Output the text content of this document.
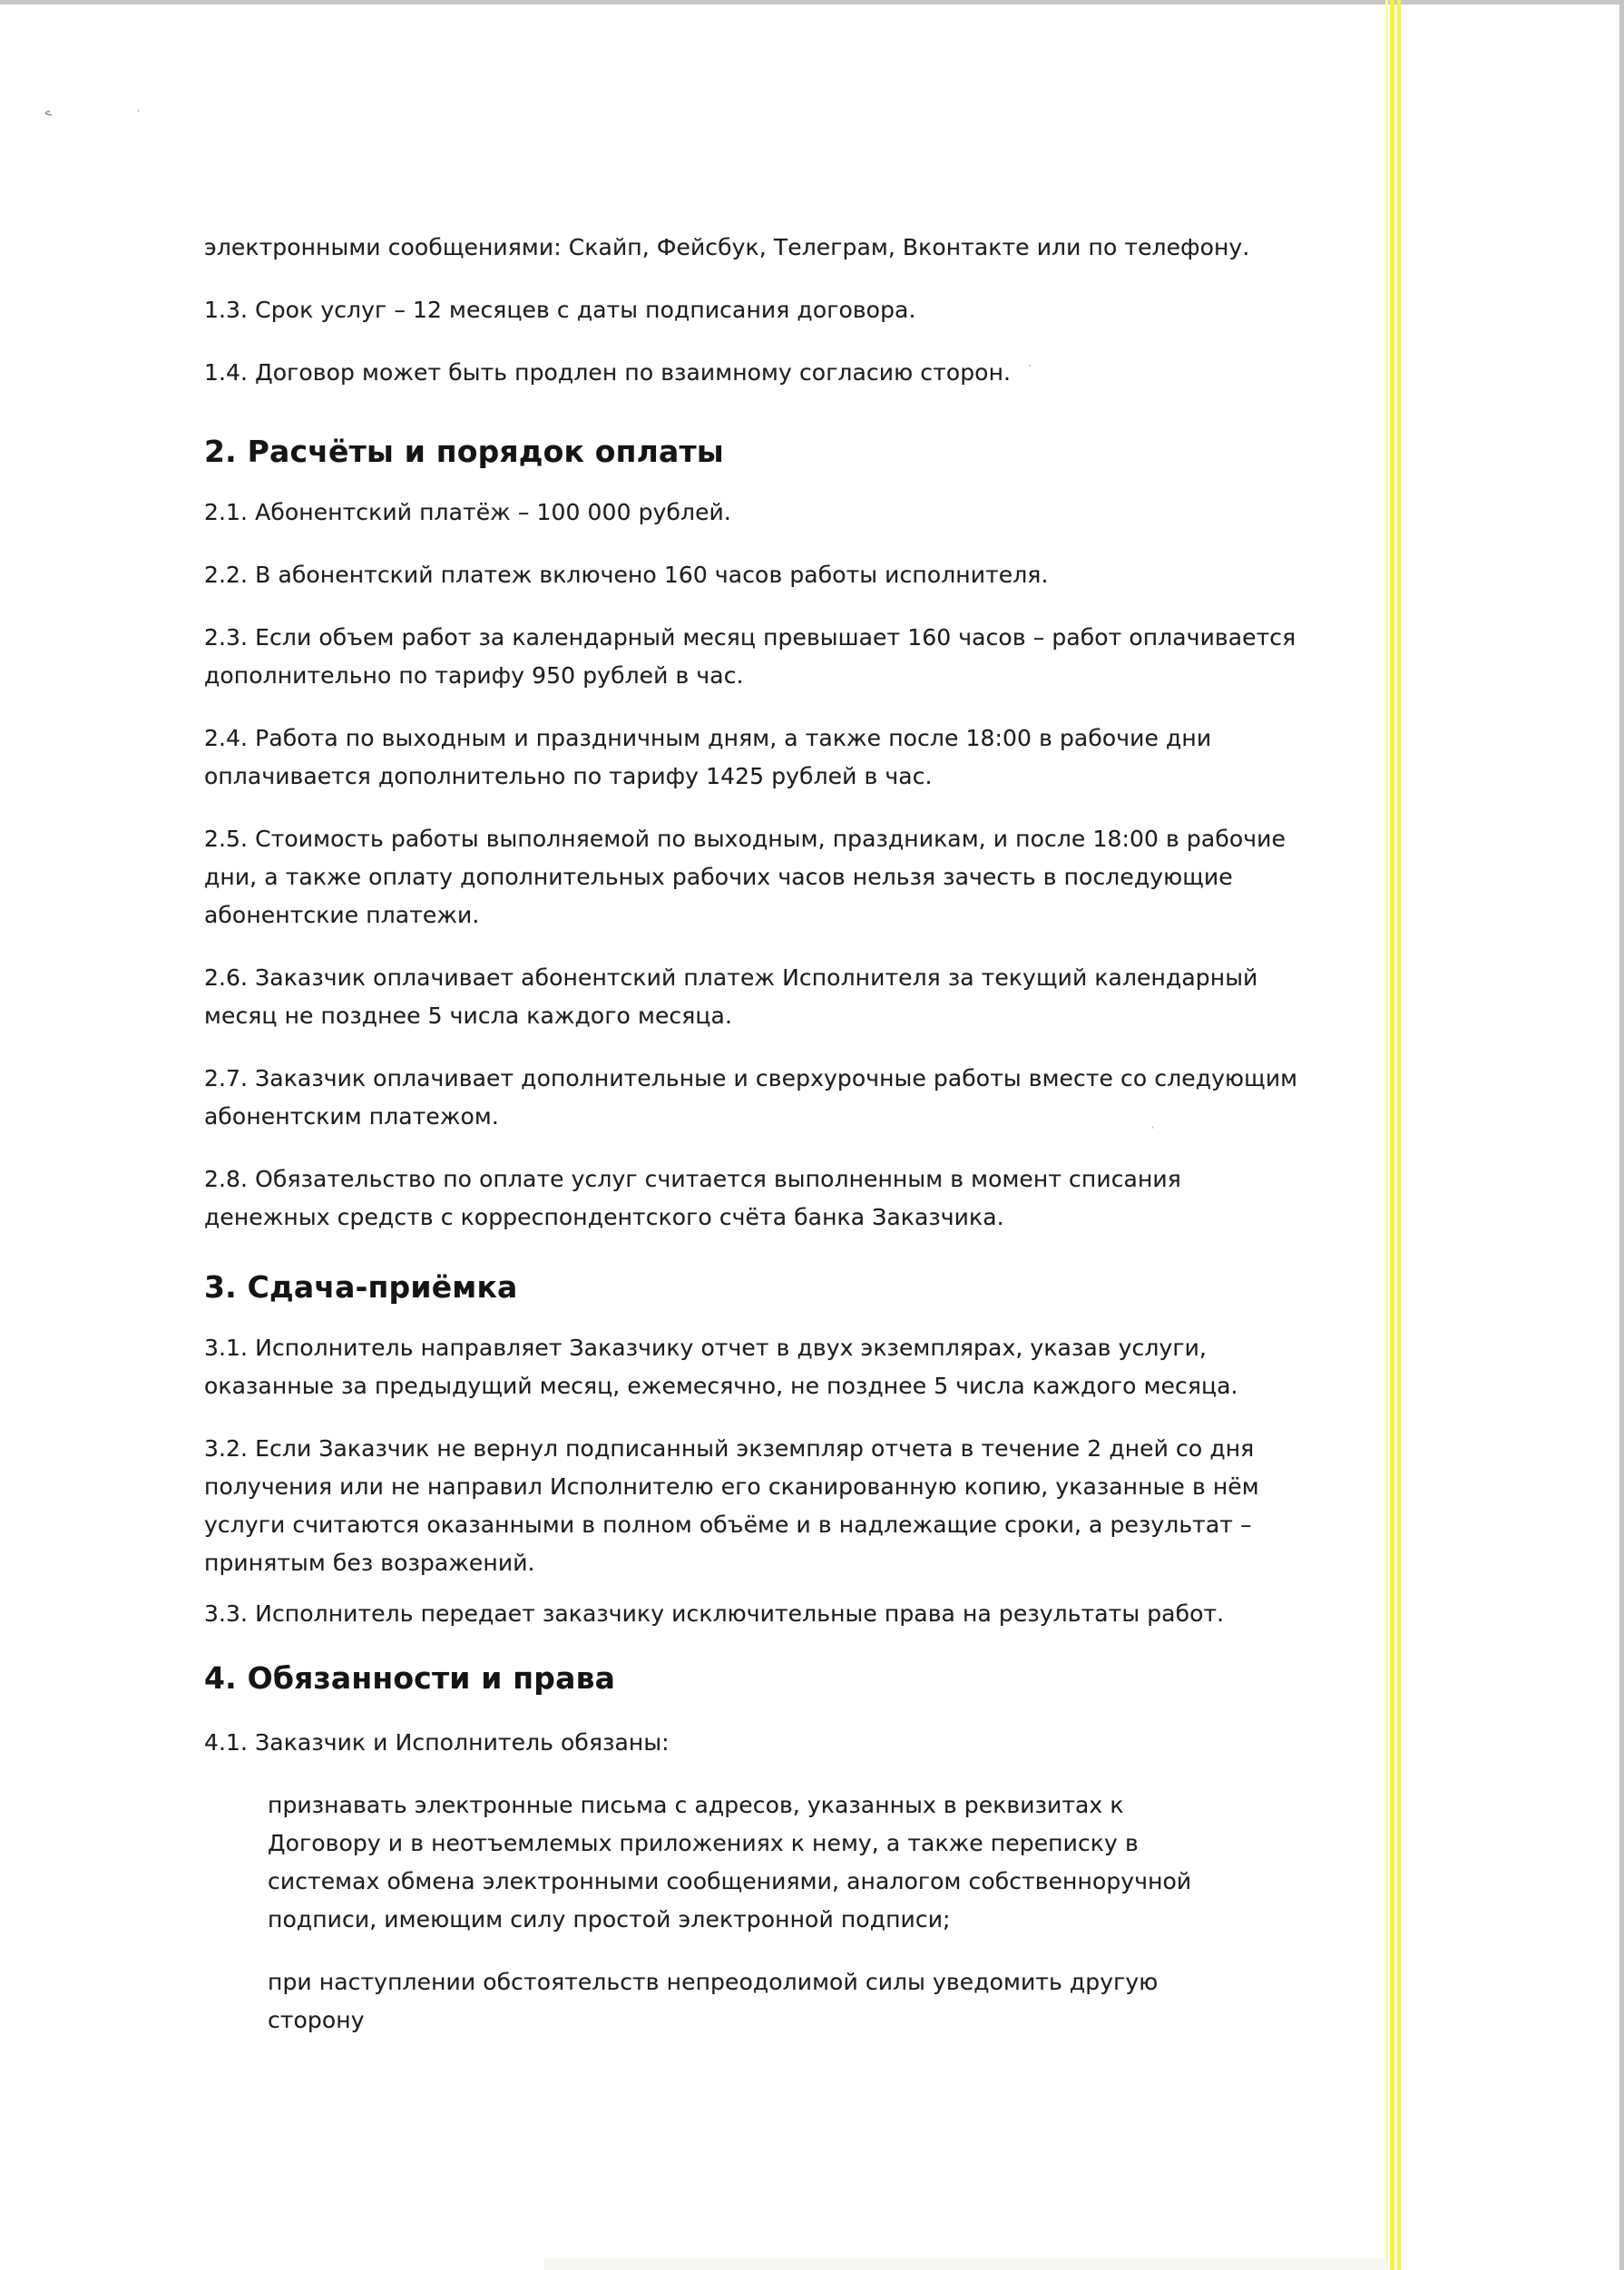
ے	ˈ
·
ʹ

электронными сообщениями: Скайп, Фейсбук, Телеграм, Вконтакте или по телефону.

1.3. Срок услуг – 12 месяцев с даты подписания договора.

1.4. Договор может быть продлен по взаимному согласию сторон.

2. Расчёты и порядок оплаты

2.1. Абонентский платёж – 100 000 рублей.

2.2. В абонентский платеж включено 160 часов работы исполнителя.

2.3. Если объем работ за календарный месяц превышает 160 часов – работ оплачивается дополнительно по тарифу 950 рублей в час.

2.4. Работа по выходным и праздничным дням, а также после 18:00 в рабочие дни оплачивается дополнительно по тарифу 1425 рублей в час.

2.5. Стоимость работы выполняемой по выходным, праздникам, и после 18:00 в рабочие дни, а также оплату дополнительных рабочих часов нельзя зачесть в последующие абонентские платежи.

2.6. Заказчик оплачивает абонентский платеж Исполнителя за текущий календарный месяц не позднее 5 числа каждого месяца.

2.7. Заказчик оплачивает дополнительные и сверхурочные работы вместе со следующим абонентским платежом.

2.8. Обязательство по оплате услуг считается выполненным в момент списания денежных средств с корреспондентского счёта банка Заказчика.

3. Сдача-приёмка

3.1. Исполнитель направляет Заказчику отчет в двух экземплярах, указав услуги, оказанные за предыдущий месяц, ежемесячно, не позднее 5 числа каждого месяца.

3.2. Если Заказчик не вернул подписанный экземпляр отчета в течение 2 дней со дня получения или не направил Исполнителю его сканированную копию, указанные в нём услуги считаются оказанными в полном объёме и в надлежащие сроки, а результат – принятым без возражений.

3.3. Исполнитель передает заказчику исключительные права на результаты работ.

4. Обязанности и права

4.1. Заказчик и Исполнитель обязаны:

признавать электронные письма с адресов, указанных в реквизитах к Договору и в неотъемлемых приложениях к нему, а также переписку в системах обмена электронными сообщениями, аналогом собственноручной подписи, имеющим силу простой электронной подписи;

при наступлении обстоятельств непреодолимой силы уведомить другую сторону
